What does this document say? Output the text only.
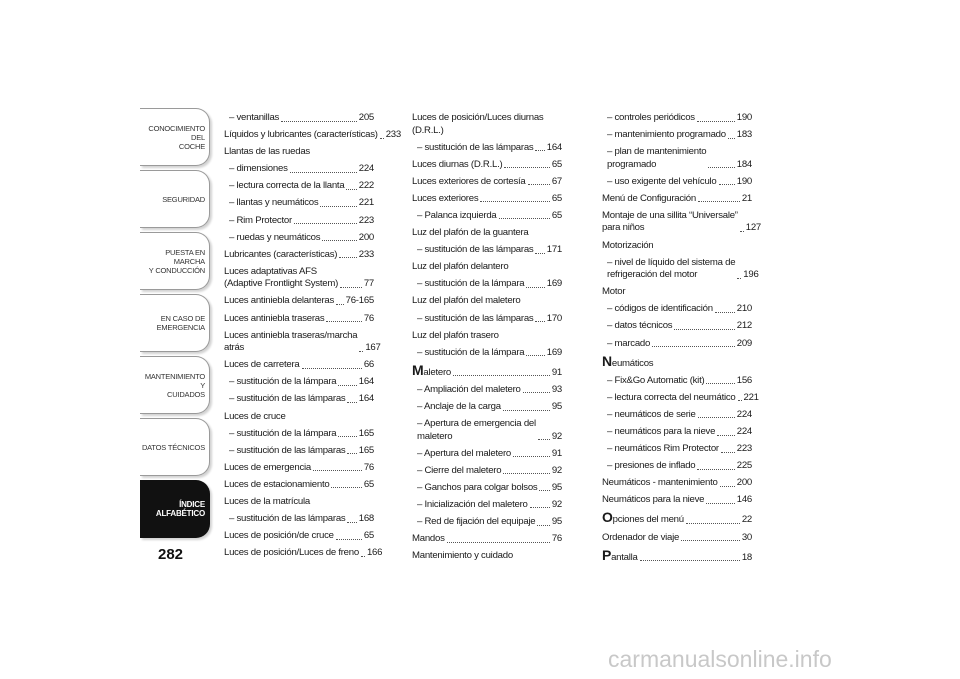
CONOCIMIENTO DEL
COCHE
SEGURIDAD
PUESTA EN MARCHA
Y CONDUCCIÓN
EN CASO DE
EMERGENCIA
MANTENIMIENTO Y
CUIDADOS
DATOS TÉCNICOS
ÍNDICE
ALFABÉTICO
282
– ventanillas	205
Líquidos y lubricantes (características) 233
Llantas de las ruedas
– dimensiones	224
– lectura correcta de la llanta 222
– llantas y neumáticos	221
– Rim Protector	223
– ruedas y neumáticos	200
Lubricantes (características) 233
Luces adaptativas AFS
(Adaptive Frontlight System)	77
Luces antiniebla delanteras 76-165
Luces antiniebla traseras	76
Luces antiniebla traseras/marcha
atrás	167
Luces de carretera	66
– sustitución de la lámpara 164
– sustitución de las lámparas 164
Luces de cruce
– sustitución de la lámpara 165
– sustitución de las lámparas 165
Luces de emergencia	76
Luces de estacionamiento	65
Luces de la matrícula
– sustitución de las lámparas 168
Luces de posición/de cruce	65
Luces de posición/Luces de freno 166
Luces de posición/Luces diurnas
(D.R.L.)
– sustitución de las lámparas 164
Luces diurnas (D.R.L.)	65
Luces exteriores de cortesía	67
Luces exteriores	65
– Palanca izquierda	65
Luz del plafón de la guantera
– sustitución de las lámparas 171
Luz del plafón delantero
– sustitución de la lámpara 169
Luz del plafón del maletero
– sustitución de las lámparas 170
Luz del plafón trasero
– sustitución de la lámpara 169
Maletero	91
– Ampliación del maletero	93
– Anclaje de la carga	95
– Apertura de emergencia del
maletero	92
– Apertura del maletero	91
– Cierre del maletero	92
– Ganchos para colgar bolsos 95
– Inicialización del maletero	92
– Red de fijación del equipaje 95
Mandos	76
Mantenimiento y cuidado
– controles periódicos	190
– mantenimiento programado 183
– plan de mantenimiento
programado	184
– uso exigente del vehículo 190
Menú de Configuración	21
Montaje de una sillita “Universale”
para niños	127
Motorización
– nivel de líquido del sistema de
refrigeración del motor	196
Motor
– códigos de identificación 210
– datos técnicos	212
– marcado	209
Neumáticos
– Fix&Go Automatic (kit)	156
– lectura correcta del neumático 221
– neumáticos de serie	224
– neumáticos para la nieve 224
– neumáticos Rim Protector 223
– presiones de inflado	225
Neumáticos - mantenimiento 200
Neumáticos para la nieve	146
Opciones del menú	22
Ordenador de viaje	30
Pantalla	18
carmanualsonline.info
